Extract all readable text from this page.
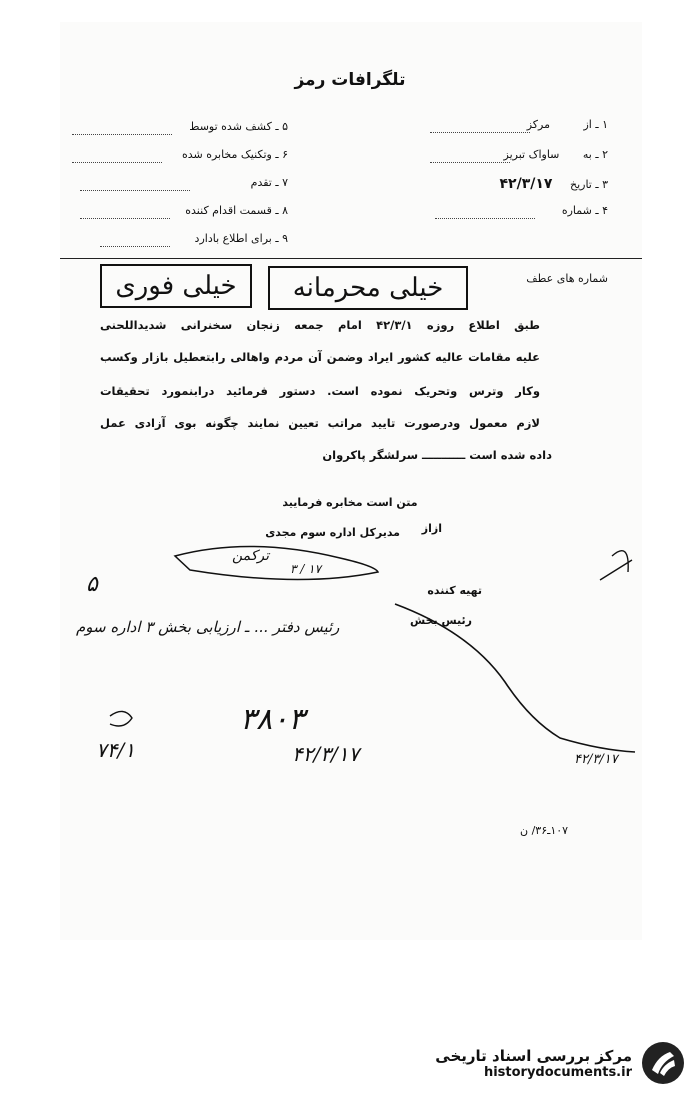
تلگرافات رمز
۱ ـ از مرکز
۲ ـ به ساواک تبریز
۳ ـ تاریخ ۴۲/۳/۱۷
۴ ـ شماره
۵ ـ کشف شده توسط
۶ ـ وتکنیک مخابره شده
۷ ـ تقدم
۸ ـ قسمت اقدام کننده
۹ ـ برای اطلاع بادارد
شماره های عطف
خیلی محرمانه
خیلی فوری
طبق اطلاع روزه ۴۲/۳/۱ امام جمعه زنجان سخنرانی شدیداللحنی
علیه مقامات عالیه کشور ایراد وضمن آن مردم واهالی رابتعطیل بازار وکسب
وکار وترس وتحریک نموده است. دستور فرمائید درابنمورد تحقیقات
لازم معمول ودرصورت تایید مراتب تعیین نمایند چگونه بوی آزادی عمل
داده شده است ـــــــــــ سرلشگر پاکروان
متن است مخابره فرمایید
ازاز
مدیرکل اداره سوم مجدی
تهیه کننده
رئیس بخش
ترکمن
۱۷ / ۳
۵
رئیس دفتر ... ـ ارزیابی بخش ۳ اداره سوم
۷۴/۱
۳۸۰۳
۴۲/۳/۱۷	۴۲/۳/۱۷
۱۰۷ـ۳۶/ ن
مرکز بررسی اسناد تاریخی
historydocuments.ir
